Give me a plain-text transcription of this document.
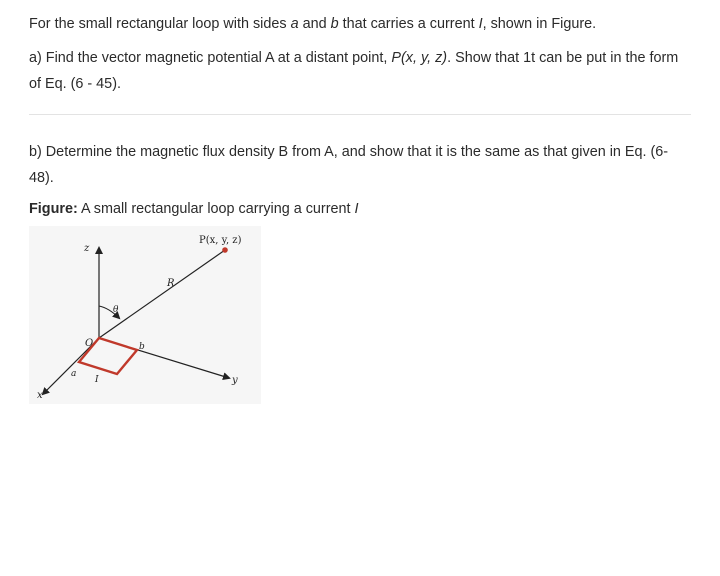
For the small rectangular loop with sides a and b that carries a current I, shown in Figure.

a) Find the vector magnetic potential A at a distant point, P(x, y, z). Show that 1t can be put in the form of Eq. (6 - 45).

b) Determine the magnetic flux density B from A, and show that it is the same as that given in Eq. (6-48).

Figure: A small rectangular loop carrying a current I

P(x, y, z)
z
x
y
R
θ
O
a
b
I
